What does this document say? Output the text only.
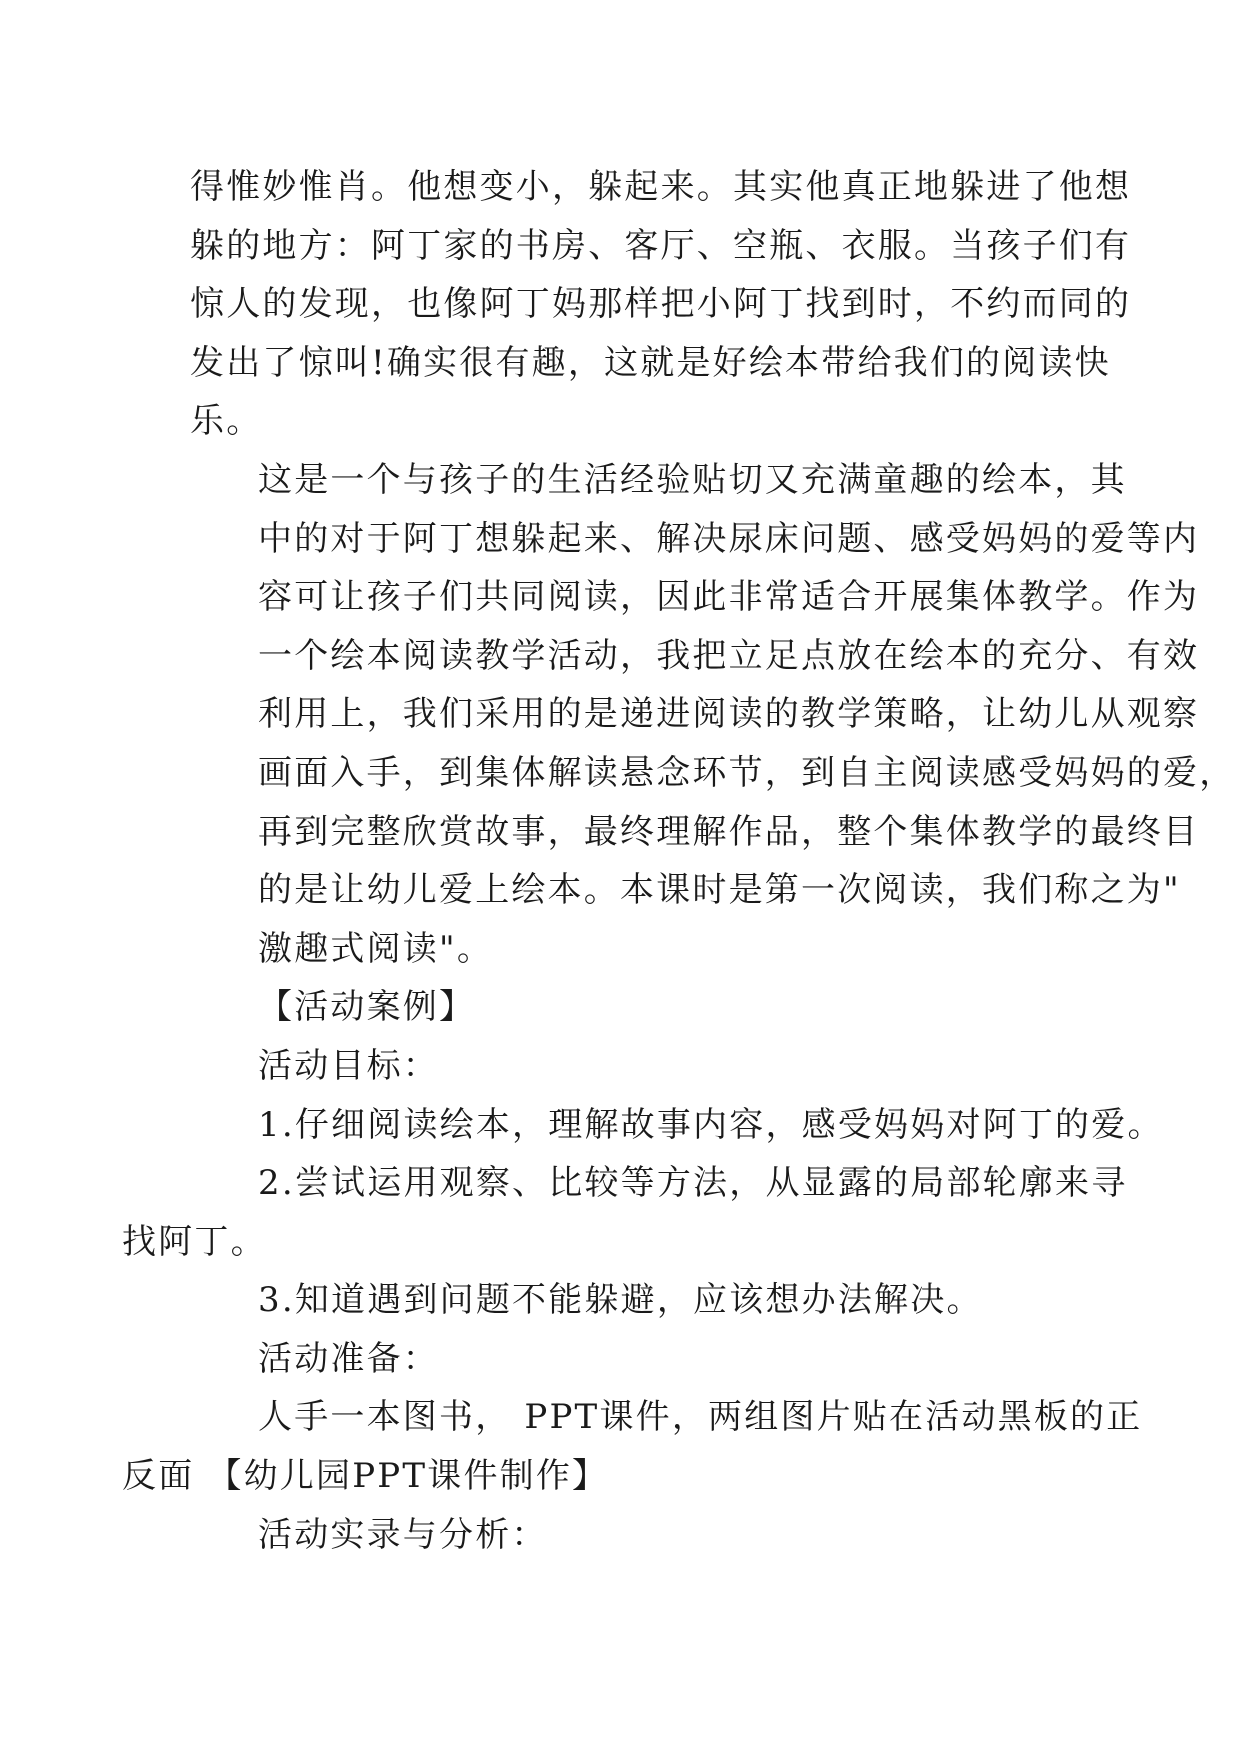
得惟妙惟肖。他想变小，躲起来。其实他真正地躲进了他想
躲的地方：阿丁家的书房、客厅、空瓶、衣服。当孩子们有
惊人的发现，也像阿丁妈那样把小阿丁找到时，不约而同的
发出了惊叫!确实很有趣，这就是好绘本带给我们的阅读快
乐。

这是一个与孩子的生活经验贴切又充满童趣的绘本，其
中的对于阿丁想躲起来、解决尿床问题、感受妈妈的爱等内
容可让孩子们共同阅读，因此非常适合开展集体教学。作为
一个绘本阅读教学活动，我把立足点放在绘本的充分、有效
利用上，我们采用的是递进阅读的教学策略，让幼儿从观察
画面入手，到集体解读悬念环节，到自主阅读感受妈妈的爱，
再到完整欣赏故事，最终理解作品，整个集体教学的最终目
的是让幼儿爱上绘本。本课时是第一次阅读，我们称之为"
激趣式阅读"。

【活动案例】

活动目标：

1.仔细阅读绘本，理解故事内容，感受妈妈对阿丁的爱。

2.尝试运用观察、比较等方法，从显露的局部轮廓来寻
找阿丁。

3.知道遇到问题不能躲避，应该想办法解决。

活动准备：

人手一本图书， PPT课件，两组图片贴在活动黑板的正
反面 【幼儿园PPT课件制作】

活动实录与分析：
